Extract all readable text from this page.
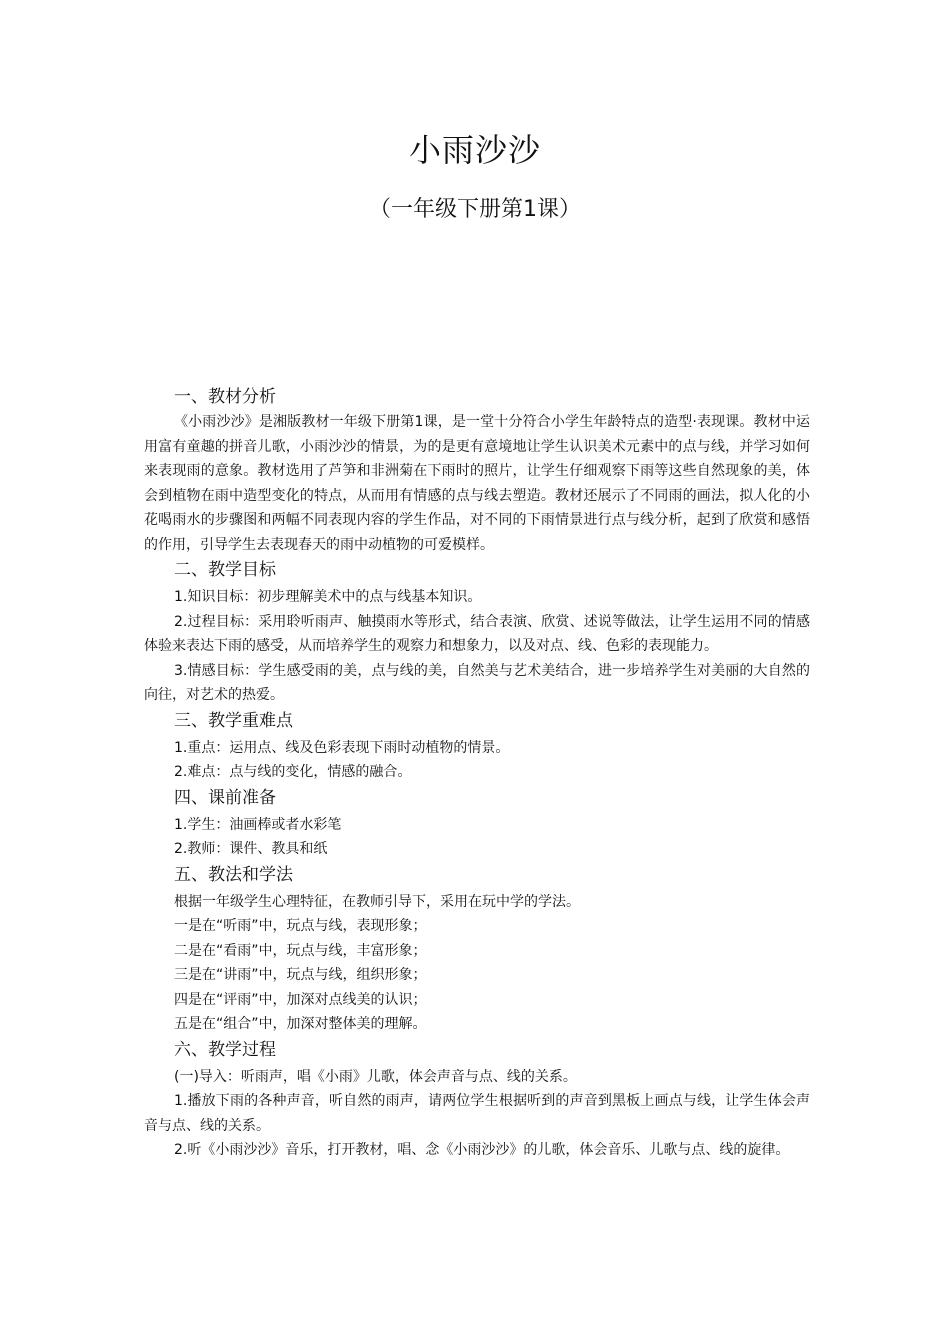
小雨沙沙
（一年级下册第1课）
一、教材分析

《小雨沙沙》是湘版教材一年级下册第1课，是一堂十分符合小学生年龄特点的造型·表现课。教材中运用富有童趣的拼音儿歌，小雨沙沙的情景，为的是更有意境地让学生认识美术元素中的点与线，并学习如何来表现雨的意象。教材选用了芦笋和非洲菊在下雨时的照片，让学生仔细观察下雨等这些自然现象的美，体会到植物在雨中造型变化的特点，从而用有情感的点与线去塑造。教材还展示了不同雨的画法，拟人化的小花喝雨水的步骤图和两幅不同表现内容的学生作品，对不同的下雨情景进行点与线分析，起到了欣赏和感悟的作用，引导学生去表现春天的雨中动植物的可爱模样。

二、教学目标

1.知识目标：初步理解美术中的点与线基本知识。

2.过程目标：采用聆听雨声、触摸雨水等形式，结合表演、欣赏、述说等做法，让学生运用不同的情感体验来表达下雨的感受，从而培养学生的观察力和想象力，以及对点、线、色彩的表现能力。

3.情感目标：学生感受雨的美，点与线的美，自然美与艺术美结合，进一步培养学生对美丽的大自然的向往，对艺术的热爱。

三、教学重难点

1.重点：运用点、线及色彩表现下雨时动植物的情景。

2.难点：点与线的变化，情感的融合。

四、课前准备

1.学生：油画棒或者水彩笔

2.教师：课件、教具和纸

五、教法和学法

根据一年级学生心理特征，在教师引导下，采用在玩中学的学法。

一是在“听雨”中，玩点与线，表现形象；

二是在“看雨”中，玩点与线，丰富形象；

三是在“讲雨”中，玩点与线，组织形象；

四是在“评雨”中，加深对点线美的认识；

五是在“组合”中，加深对整体美的理解。

六、教学过程

(一)导入：听雨声，唱《小雨》儿歌，体会声音与点、线的关系。

1.播放下雨的各种声音，听自然的雨声，请两位学生根据听到的声音到黑板上画点与线，让学生体会声音与点、线的关系。

2.听《小雨沙沙》音乐，打开教材，唱、念《小雨沙沙》的儿歌，体会音乐、儿歌与点、线的旋律。
